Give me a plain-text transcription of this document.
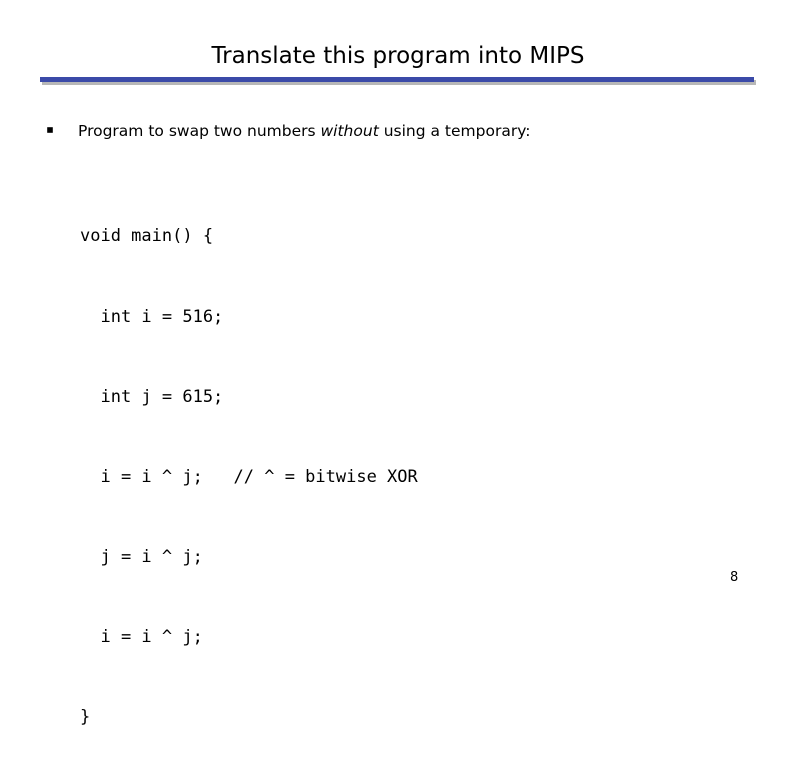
Translate this program into MIPS
Program to swap two numbers without using a temporary:

void main() {

int i = 516;

int j = 615;

i = i ^ j;   // ^ = bitwise XOR

j = i ^ j;

i = i ^ j;

}

8
